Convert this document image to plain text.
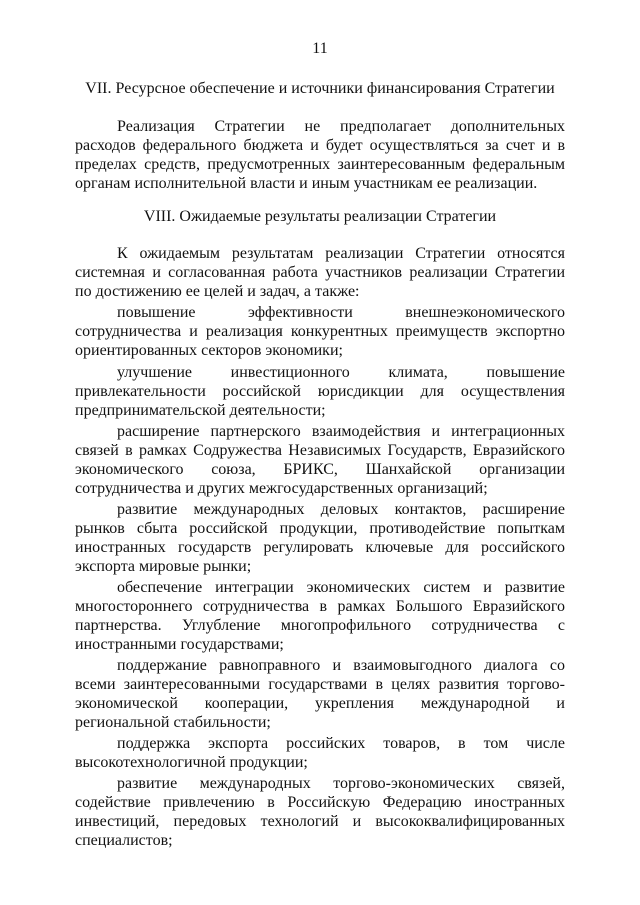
11
VII. Ресурсное обеспечение и источники финансирования Стратегии

Реализация Стратегии не предполагает дополнительных расходов федерального бюджета и будет осуществляться за счет и в пределах средств, предусмотренных заинтересованным федеральным органам исполнительной власти и иным участникам ее реализации.

VIII. Ожидаемые результаты реализации Стратегии

К ожидаемым результатам реализации Стратегии относятся системная и согласованная работа участников реализации Стратегии по достижению ее целей и задач, а также:

повышение эффективности внешнеэкономического сотрудничества и реализация конкурентных преимуществ экспортно ориентированных секторов экономики;

улучшение инвестиционного климата, повышение привлекательности российской юрисдикции для осуществления предпринимательской деятельности;

расширение партнерского взаимодействия и интеграционных связей в рамках Содружества Независимых Государств, Евразийского экономического союза, БРИКС, Шанхайской организации сотрудничества и других межгосударственных организаций;

развитие международных деловых контактов, расширение рынков сбыта российской продукции, противодействие попыткам иностранных государств регулировать ключевые для российского экспорта мировые рынки;

обеспечение интеграции экономических систем и развитие многостороннего сотрудничества в рамках Большого Евразийского партнерства. Углубление многопрофильного сотрудничества с иностранными государствами;

поддержание равноправного и взаимовыгодного диалога со всеми заинтересованными государствами в целях развития торгово-экономической кооперации, укрепления международной и региональной стабильности;

поддержка экспорта российских товаров, в том числе высокотехнологичной продукции;

развитие международных торгово-экономических связей, содействие привлечению в Российскую Федерацию иностранных инвестиций, передовых технологий и высококвалифицированных специалистов;
